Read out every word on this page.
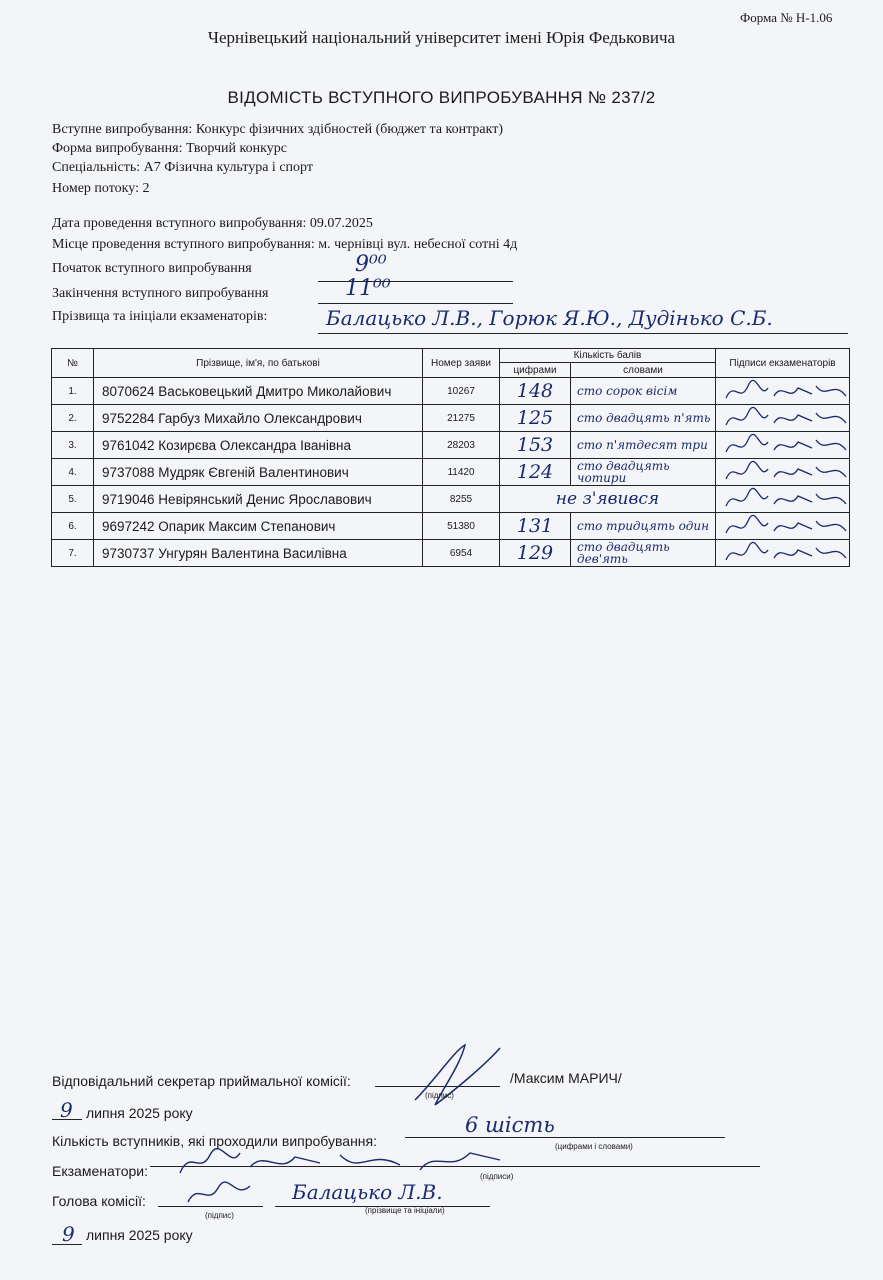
Форма № Н-1.06
Чернівецький національний університет імені Юрія Федьковича
ВІДОМІСТЬ ВСТУПНОГО ВИПРОБУВАННЯ № 237/2
Вступне випробування: Конкурс фізичних здібностей (бюджет та контракт)
Форма випробування: Творчий конкурс
Спеціальність: А7 Фізична культура і спорт
Номер потоку: 2
Дата проведення вступного випробування: 09.07.2025
Місце проведення вступного випробування: м. чернівці вул. небесної сотні 4д
Початок вступного випробування	9⁰⁰
Закінчення вступного випробування	11⁰⁰
Прізвища та ініціали екзаменаторів:	Балацько Л.В., Горюк Я.Ю., Дудінько С.Б.
№	Прізвище, ім'я, по батькові	Номер заяви	Кількість балів		Підписи екзаменаторів
			цифрами	словами	
1.	8070624 Васьковецький Дмитро Миколайович	10267	148	сто сорок вісім	

2.	9752284 Гарбуз Михайло Олександрович	21275	125	сто двадцять п'ять	

3.	9761042 Козирєва Олександра Іванівна	28203	153	сто п'ятдесят три	

4.	9737088 Мудряк Євгеній Валентинович	11420	124	сто двадцять чотири	

5.	9719046 Невірянський Денис Ярославович	8255	не з'явився	

6.	9697242 Опарик Максим Степанович	51380	131	сто тридцять один	

7.	9730737 Унгурян Валентина Василівна	6954	129	сто двадцять дев'ять	
Відповідальний секретар приймальної комісії:
(підпис)
/Максим МАРИЧ/
9 липня 2025 року
Кількість вступників, які проходили випробування:
6 шість
(цифрами і словами)
Екзаменатори:	(підписи)
Голова комісії:
(підпис)
Балацько Л.В.
(прізвище та ініціали)
9 липня 2025 року
